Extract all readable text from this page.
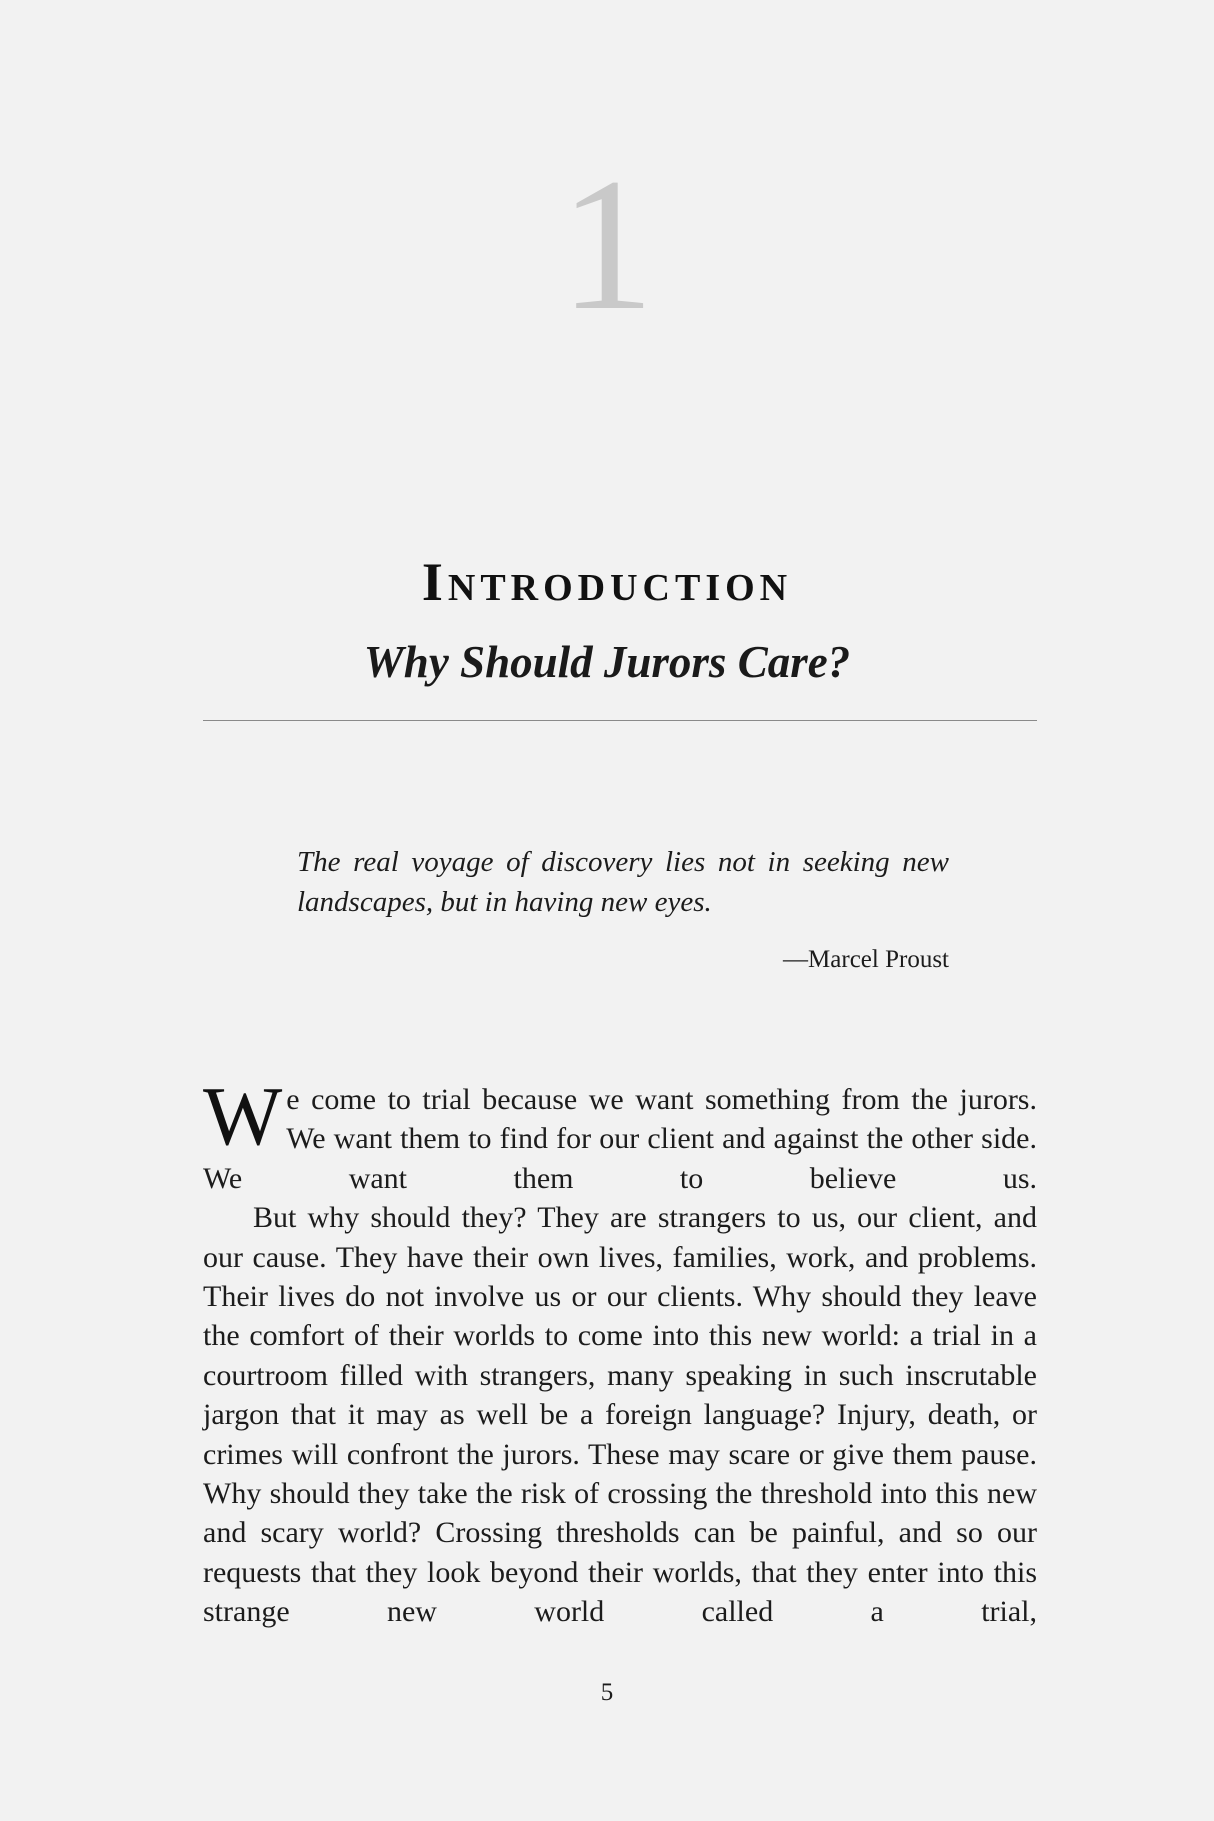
1
Introduction
Why Should Jurors Care?
The real voyage of discovery lies not in seeking new landscapes, but in having new eyes.
—Marcel Proust

We come to trial because we want something from the jurors. We want them to find for our client and against the other side. We want them to believe us.

But why should they? They are strangers to us, our client, and our cause. They have their own lives, families, work, and problems. Their lives do not involve us or our clients. Why should they leave the comfort of their worlds to come into this new world: a trial in a courtroom filled with strangers, many speaking in such inscrutable jargon that it may as well be a foreign language? Injury, death, or crimes will confront the jurors. These may scare or give them pause. Why should they take the risk of crossing the threshold into this new and scary world? Crossing thresholds can be painful, and so our requests that they look beyond their worlds, that they enter into this strange new world called a trial,

5
